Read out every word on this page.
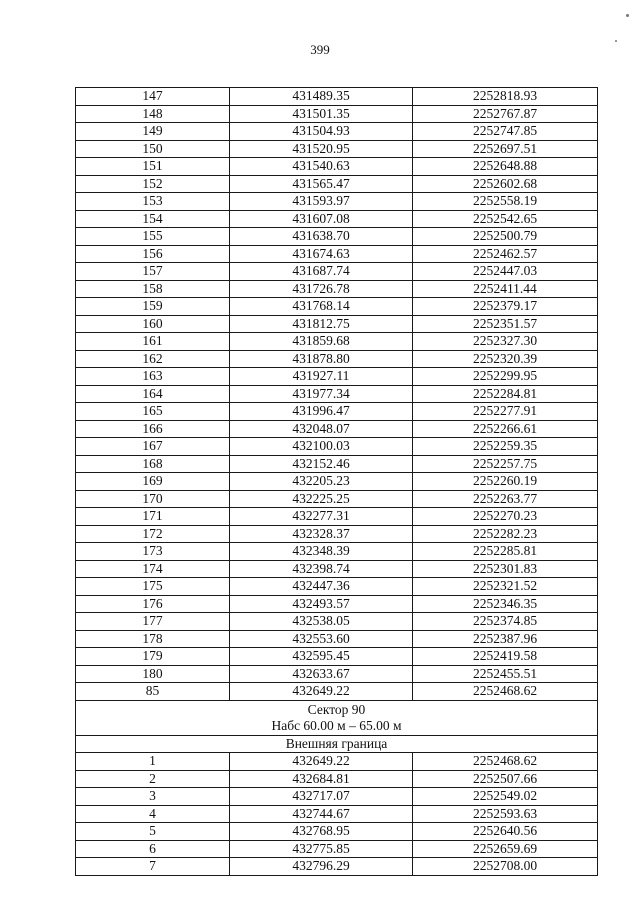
399
147	431489.35	2252818.93
148	431501.35	2252767.87
149	431504.93	2252747.85
150	431520.95	2252697.51
151	431540.63	2252648.88
152	431565.47	2252602.68
153	431593.97	2252558.19
154	431607.08	2252542.65
155	431638.70	2252500.79
156	431674.63	2252462.57
157	431687.74	2252447.03
158	431726.78	2252411.44
159	431768.14	2252379.17
160	431812.75	2252351.57
161	431859.68	2252327.30
162	431878.80	2252320.39
163	431927.11	2252299.95
164	431977.34	2252284.81
165	431996.47	2252277.91
166	432048.07	2252266.61
167	432100.03	2252259.35
168	432152.46	2252257.75
169	432205.23	2252260.19
170	432225.25	2252263.77
171	432277.31	2252270.23
172	432328.37	2252282.23
173	432348.39	2252285.81
174	432398.74	2252301.83
175	432447.36	2252321.52
176	432493.57	2252346.35
177	432538.05	2252374.85
178	432553.60	2252387.96
179	432595.45	2252419.58
180	432633.67	2252455.51
85	432649.22	2252468.62

Сектор 90
Набс 60.00 м – 65.00 м		

Внешняя граница		
1	432649.22	2252468.62
2	432684.81	2252507.66
3	432717.07	2252549.02
4	432744.67	2252593.63
5	432768.95	2252640.56
6	432775.85	2252659.69
7	432796.29	2252708.00
